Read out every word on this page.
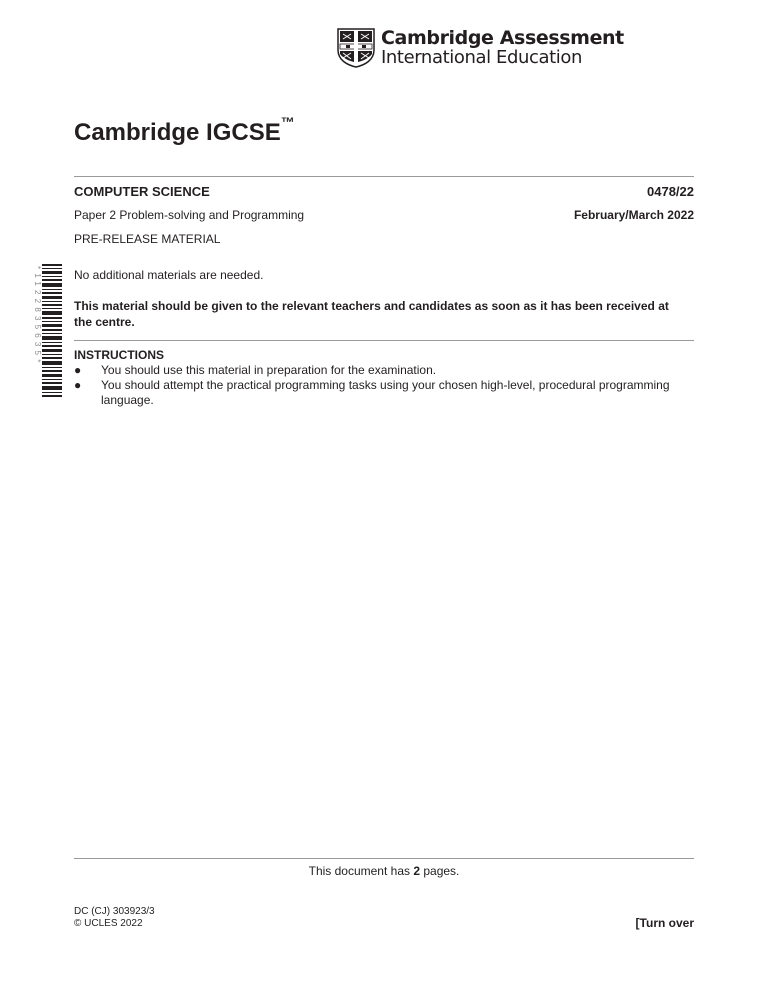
Cambridge Assessment
International Education
Cambridge IGCSE™
COMPUTER SCIENCE	0478/22
Paper 2 Problem-solving and Programming	February/March 2022
PRE-RELEASE MATERIAL
*1122835635*	No additional materials are needed.
This material should be given to the relevant teachers and candidates as soon as it has been received at the centre.
INSTRUCTIONS
● You should use this material in preparation for the examination.
● You should attempt the practical programming tasks using your chosen high-level, procedural programming language.
This document has 2 pages.
DC (CJ) 303923/3
© UCLES 2022	[Turn over
